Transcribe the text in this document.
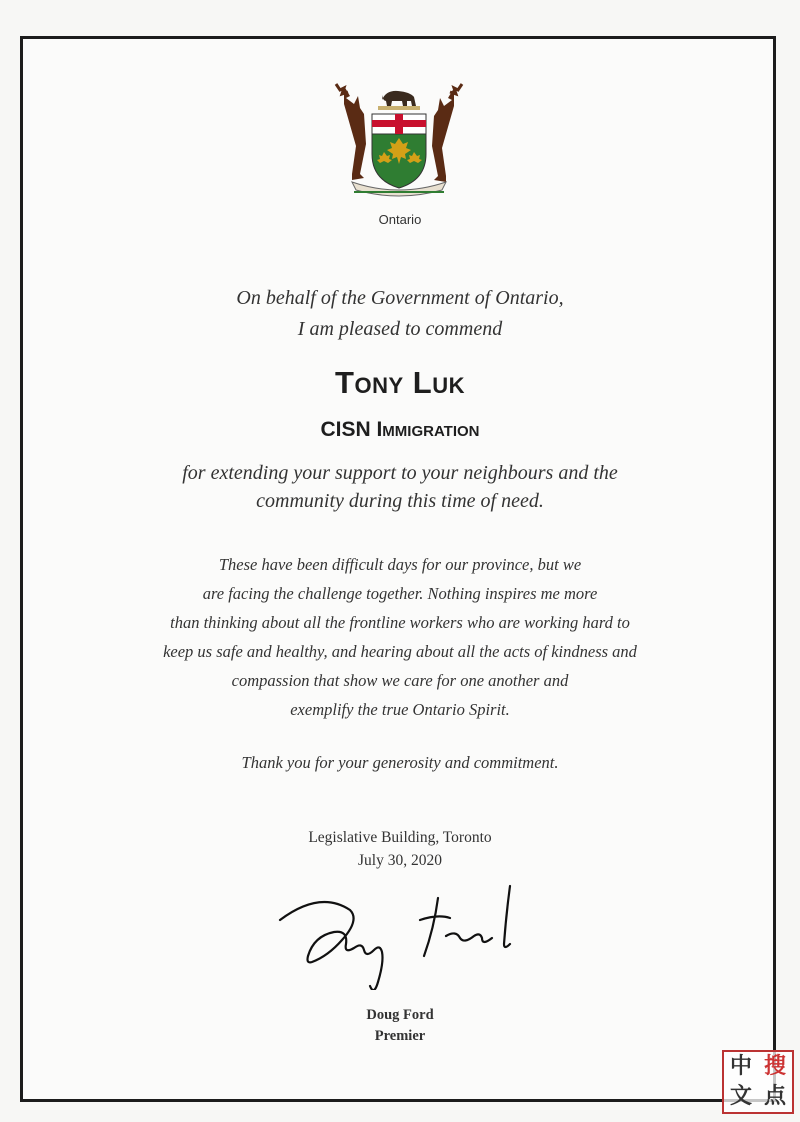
Ontario
On behalf of the Government of Ontario,
I am pleased to commend
Tony Luk
CISN Immigration
for extending your support to your neighbours and the
community during this time of need.
These have been difficult days for our province, but we
are facing the challenge together. Nothing inspires me more
than thinking about all the frontline workers who are working hard to
keep us safe and healthy, and hearing about all the acts of kindness and
compassion that show we care for one another and
exemplify the true Ontario Spirit.
Thank you for your generosity and commitment.
Legislative Building, Toronto
July 30, 2020
Doug Ford
Premier
中 搜
文 点
